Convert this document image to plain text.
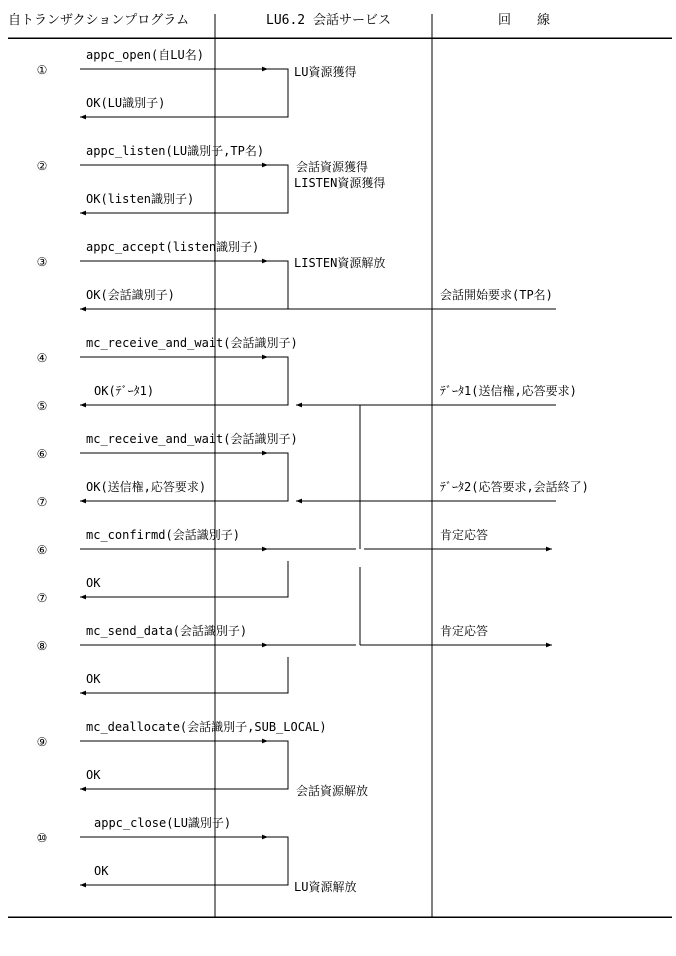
自トランザクションプログラム	LU6.2 会話サービス	回　　線
①
②
③
④
⑤
⑥
⑦
⑥
⑦
⑧
⑨
⑩
appc_open(自LU名)
appc_listen(LU識別子,TP名)
appc_accept(listen識別子)
mc_receive_and_wait(会話識別子)
mc_receive_and_wait(会話識別子)
mc_confirmd(会話識別子)
mc_send_data(会話識別子)
mc_deallocate(会話識別子,SUB_LOCAL)
appc_close(LU識別子)
OK(LU識別子)
OK(listen識別子)
OK(会話識別子)
OK(ﾃﾞｰﾀ1)
OK(送信権,応答要求)
OK
OK
OK
OK
LU資源獲得
会話資源獲得
LISTEN資源獲得
LISTEN資源解放
会話資源解放
LU資源解放
会話開始要求(TP名)
ﾃﾞｰﾀ1(送信権,応答要求)
ﾃﾞｰﾀ2(応答要求,会話終了)
肯定応答
肯定応答
